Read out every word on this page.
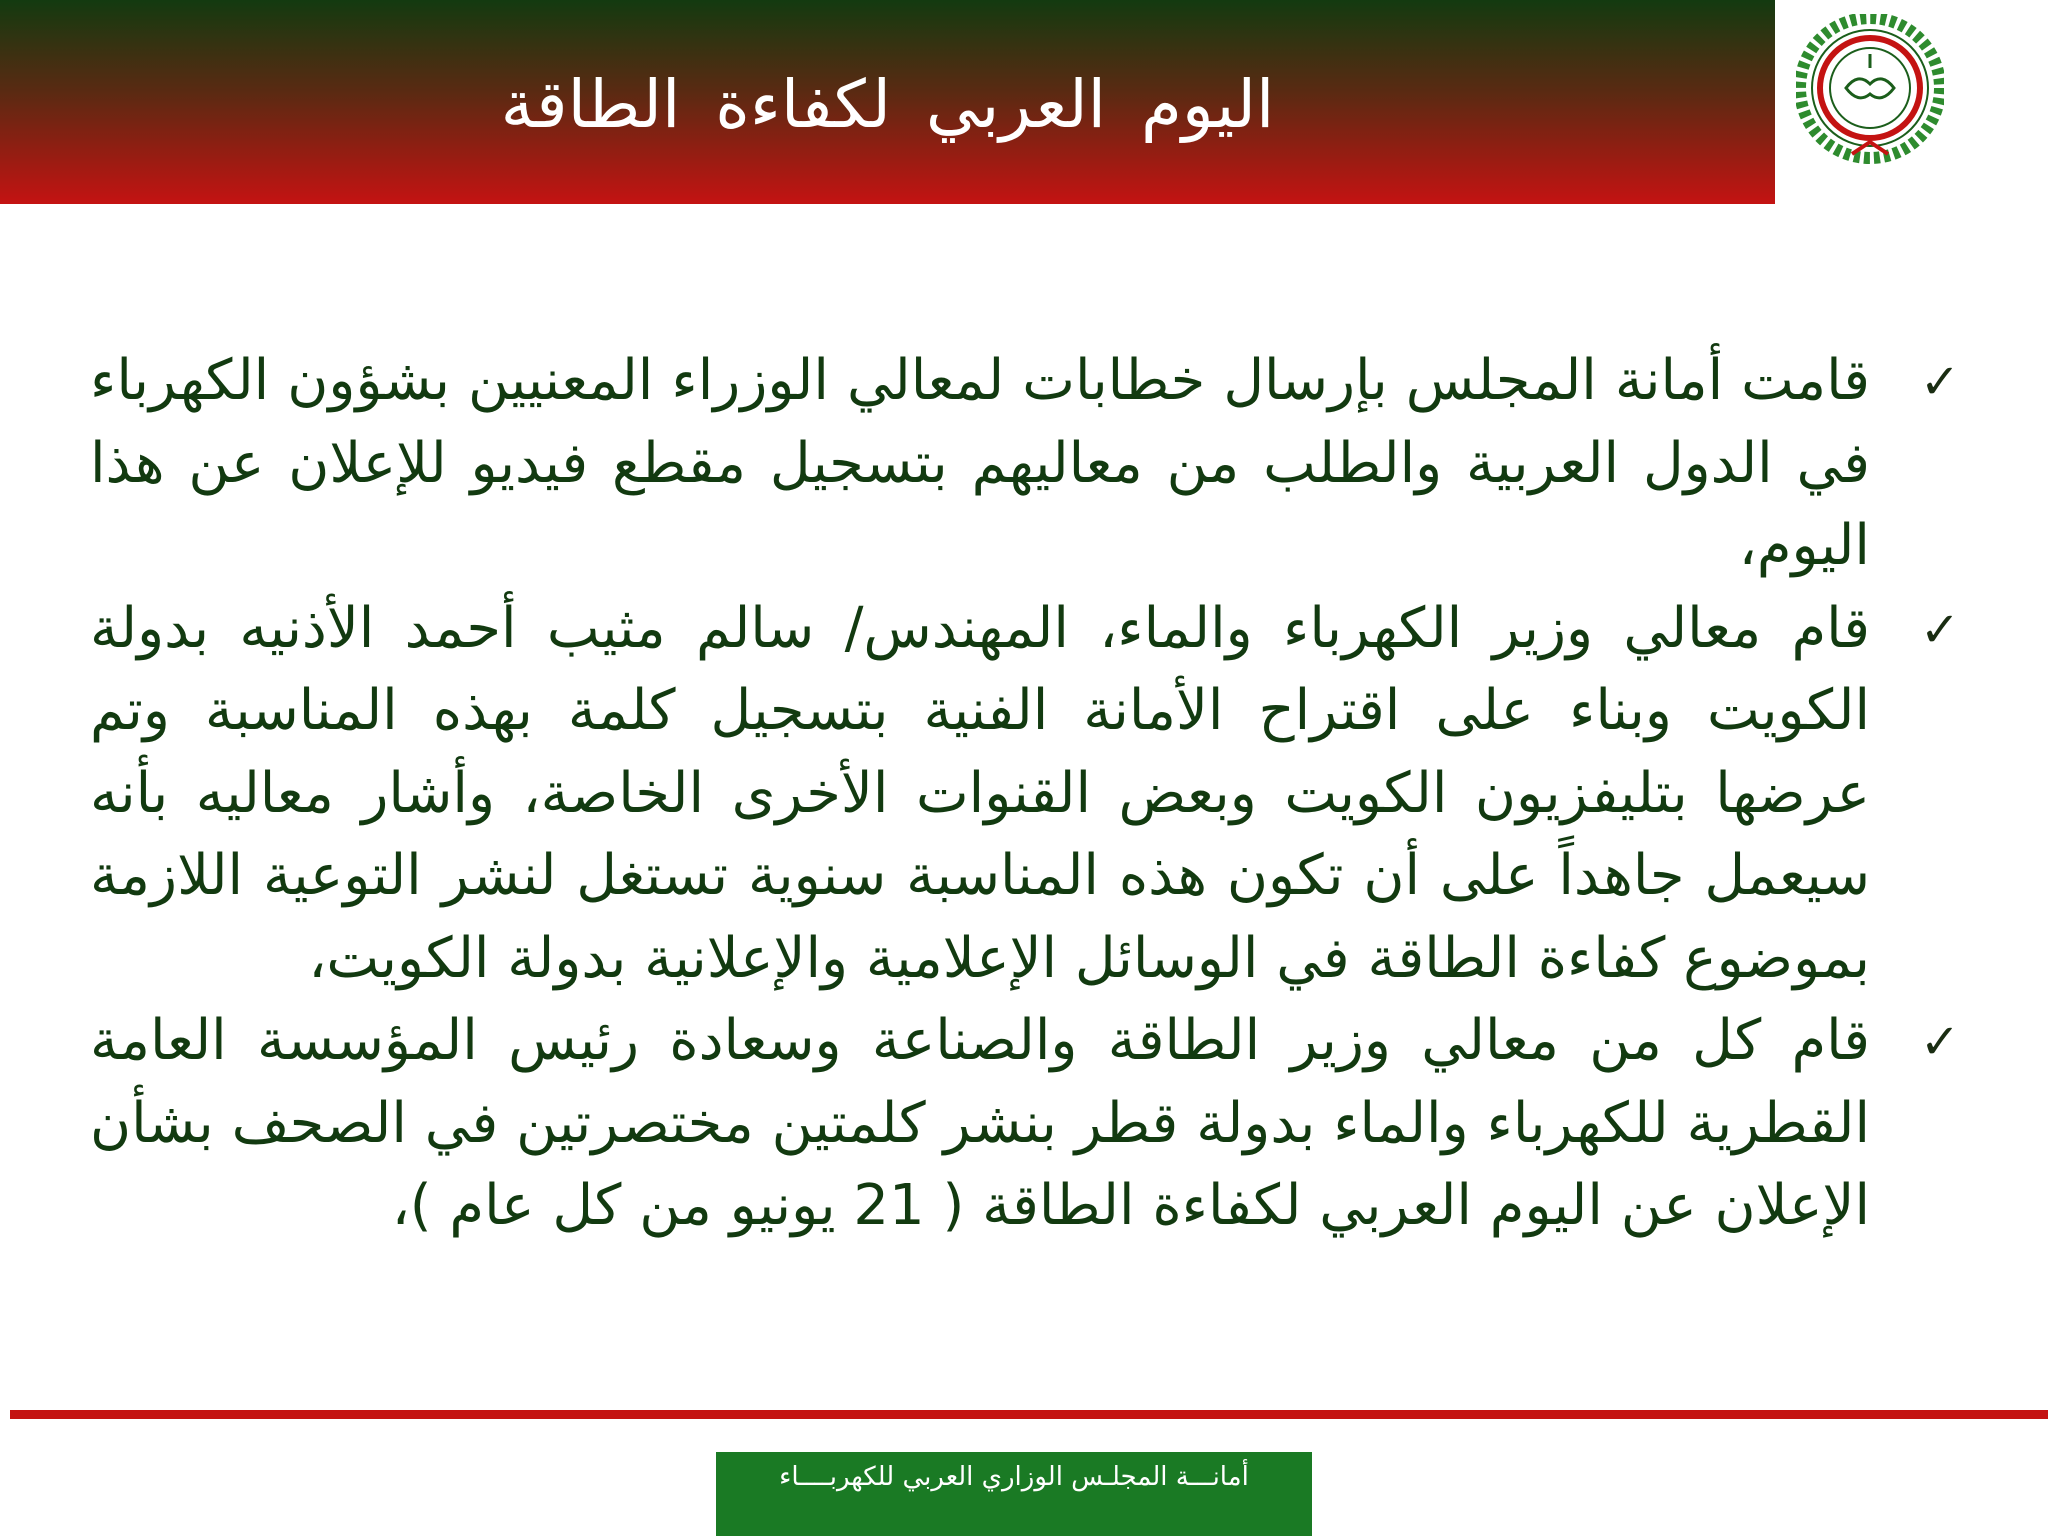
اليوم العربي لكفاءة الطاقة
✓
قامت أمانة المجلس بإرسال خطابات لمعالي الوزراء المعنيين بشؤون الكهرباء في الدول العربية والطلب من معاليهم بتسجيل مقطع فيديو للإعلان عن هذا اليوم،
✓
قام معالي وزير الكهرباء والماء، المهندس/ سالم مثيب أحمد الأذنيه بدولة الكويت وبناء على اقتراح الأمانة الفنية بتسجيل كلمة بهذه المناسبة وتم عرضها بتليفزيون الكويت وبعض القنوات الأخرى الخاصة، وأشار معاليه بأنه سيعمل جاهداً على أن تكون هذه المناسبة سنوية تستغل لنشر التوعية اللازمة بموضوع كفاءة الطاقة في الوسائل الإعلامية والإعلانية بدولة الكويت،
✓
قام كل من معالي وزير الطاقة والصناعة وسعادة رئيس المؤسسة العامة القطرية للكهرباء والماء بدولة قطر بنشر كلمتين مختصرتين في الصحف بشأن الإعلان عن اليوم العربي لكفاءة الطاقة ( 21 يونيو من كل عام )،
أمانـــة المجلـس الوزاري العربي للكهربــــاء
